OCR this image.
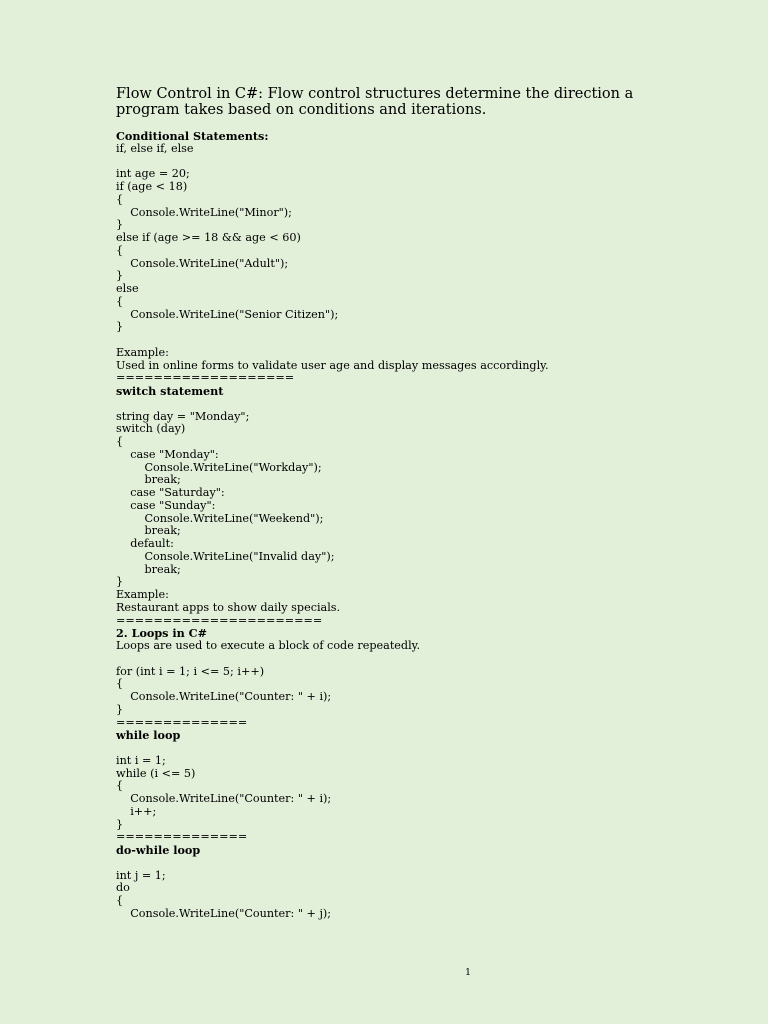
Flow Control in C#: Flow control structures determine the direction a program takes based on conditions and iterations.
Conditional Statements:
if, else if, else
int age = 20;
if (age < 18)
{
Console.WriteLine("Minor");
}
else if (age >= 18 && age < 60)
{
Console.WriteLine("Adult");
}
else
{
Console.WriteLine("Senior Citizen");
}
Example:
Used in online forms to validate user age and display messages accordingly.
===================
switch statement
string day = "Monday";
switch (day)
{
case "Monday":
Console.WriteLine("Workday");
break;
case "Saturday":
case "Sunday":
Console.WriteLine("Weekend");
break;
default:
Console.WriteLine("Invalid day");
break;
}
Example:
Restaurant apps to show daily specials.
======================
2. Loops in C#
Loops are used to execute a block of code repeatedly.
for (int i = 1; i <= 5; i++)
{
Console.WriteLine("Counter: " + i);
}
==============
while loop
int i = 1;
while (i <= 5)
{
Console.WriteLine("Counter: " + i);
i++;
}
==============
do-while loop
int j = 1;
do
{
Console.WriteLine("Counter: " + j);
1
